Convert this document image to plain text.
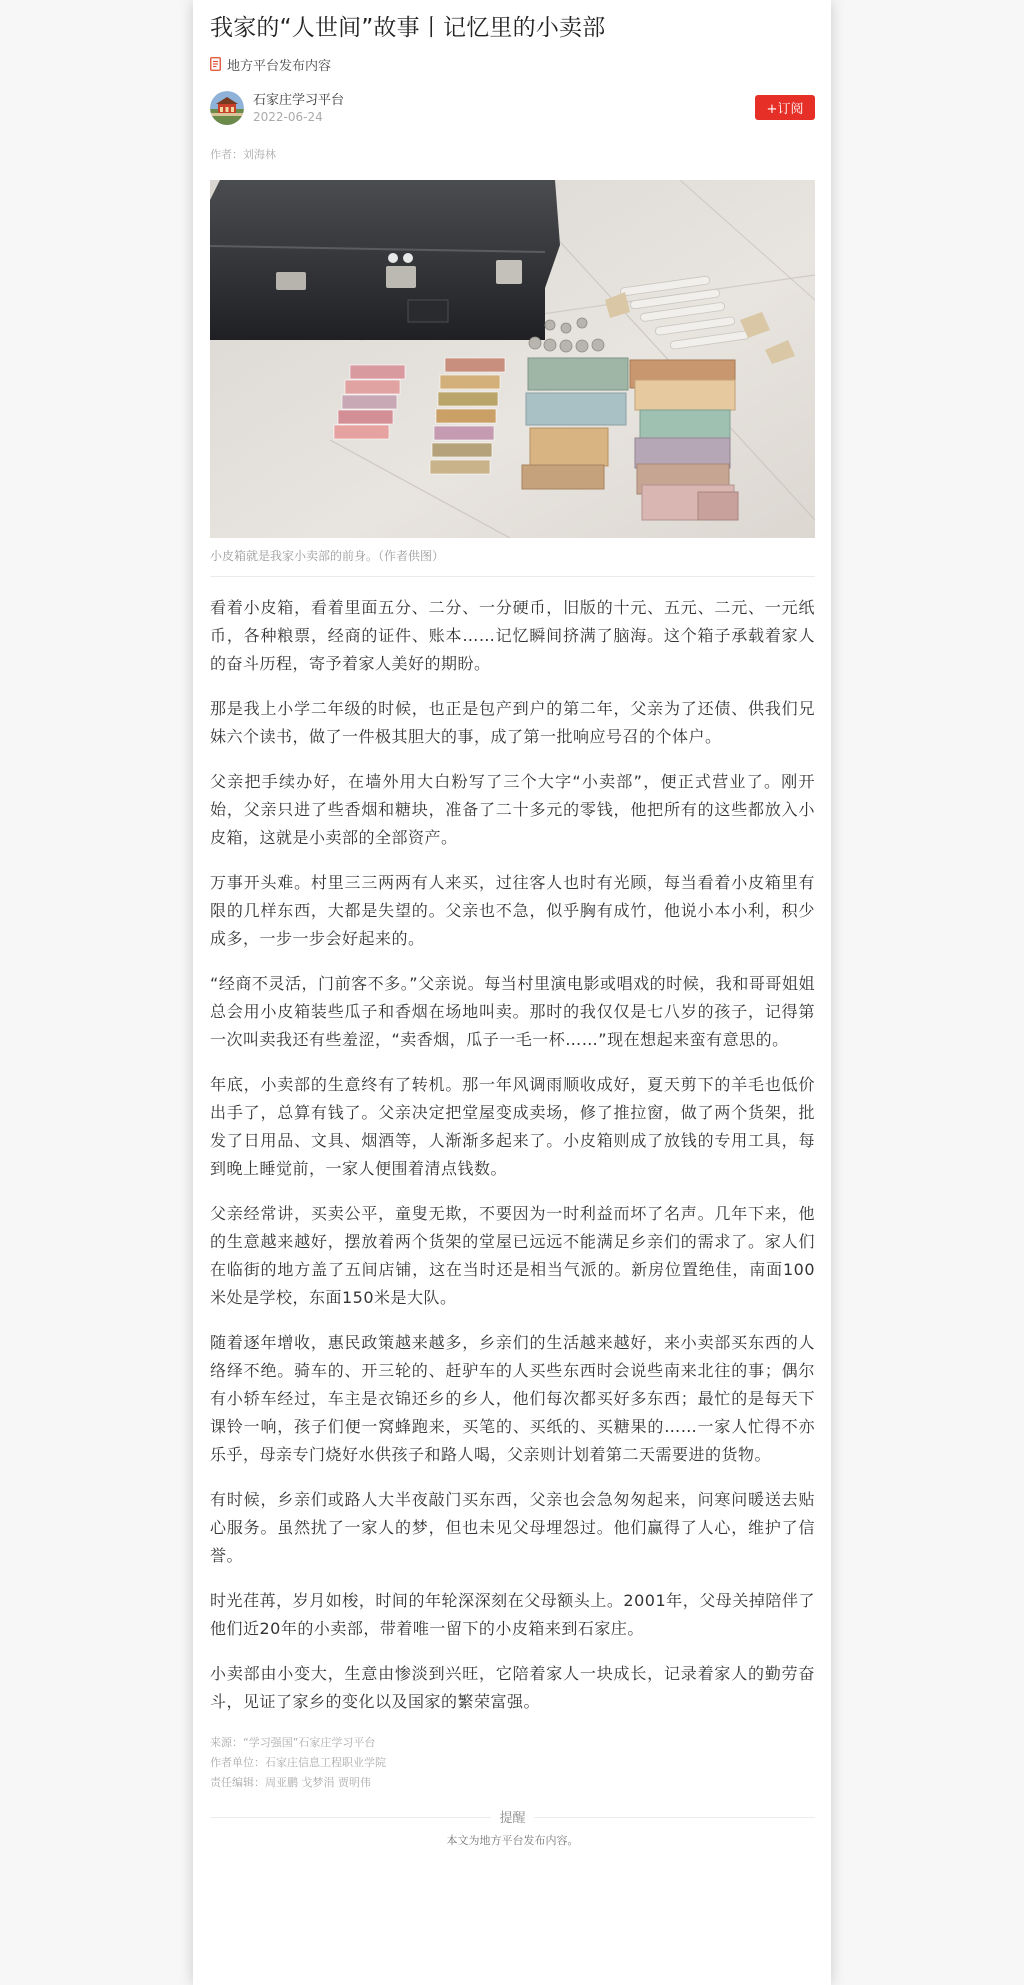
我家的“人世间”故事丨记忆里的小卖部
地方平台发布内容
石家庄学习平台
2022-06-24	+订阅
作者：刘海林
小皮箱就是我家小卖部的前身。（作者供图）

看着小皮箱，看着里面五分、二分、一分硬币，旧版的十元、五元、二元、一元纸币，各种粮票，经商的证件、账本……记忆瞬间挤满了脑海。这个箱子承载着家人的奋斗历程，寄予着家人美好的期盼。

那是我上小学二年级的时候，也正是包产到户的第二年，父亲为了还债、供我们兄妹六个读书，做了一件极其胆大的事，成了第一批响应号召的个体户。

父亲把手续办好，在墙外用大白粉写了三个大字“小卖部”，便正式营业了。刚开始，父亲只进了些香烟和糖块，准备了二十多元的零钱，他把所有的这些都放入小皮箱，这就是小卖部的全部资产。

万事开头难。村里三三两两有人来买，过往客人也时有光顾，每当看着小皮箱里有限的几样东西，大都是失望的。父亲也不急，似乎胸有成竹，他说小本小利，积少成多，一步一步会好起来的。

“经商不灵活，门前客不多。”父亲说。每当村里演电影或唱戏的时候，我和哥哥姐姐总会用小皮箱装些瓜子和香烟在场地叫卖。那时的我仅仅是七八岁的孩子，记得第一次叫卖我还有些羞涩，“卖香烟，瓜子一毛一杯……”现在想起来蛮有意思的。

年底，小卖部的生意终有了转机。那一年风调雨顺收成好，夏天剪下的羊毛也低价出手了，总算有钱了。父亲决定把堂屋变成卖场，修了推拉窗，做了两个货架，批发了日用品、文具、烟酒等，人渐渐多起来了。小皮箱则成了放钱的专用工具，每到晚上睡觉前，一家人便围着清点钱数。

父亲经常讲，买卖公平，童叟无欺，不要因为一时利益而坏了名声。几年下来，他的生意越来越好，摆放着两个货架的堂屋已远远不能满足乡亲们的需求了。家人们在临街的地方盖了五间店铺，这在当时还是相当气派的。新房位置绝佳，南面100米处是学校，东面150米是大队。

随着逐年增收，惠民政策越来越多，乡亲们的生活越来越好，来小卖部买东西的人络绎不绝。骑车的、开三轮的、赶驴车的人买些东西时会说些南来北往的事；偶尔有小轿车经过，车主是衣锦还乡的乡人，他们每次都买好多东西；最忙的是每天下课铃一响，孩子们便一窝蜂跑来，买笔的、买纸的、买糖果的……一家人忙得不亦乐乎，母亲专门烧好水供孩子和路人喝，父亲则计划着第二天需要进的货物。

有时候，乡亲们或路人大半夜敲门买东西，父亲也会急匆匆起来，问寒问暖送去贴心服务。虽然扰了一家人的梦，但也未见父母埋怨过。他们赢得了人心，维护了信誉。

时光荏苒，岁月如梭，时间的年轮深深刻在父母额头上。2001年，父母关掉陪伴了他们近20年的小卖部，带着唯一留下的小皮箱来到石家庄。

小卖部由小变大，生意由惨淡到兴旺，它陪着家人一块成长，记录着家人的勤劳奋斗，见证了家乡的变化以及国家的繁荣富强。

来源：“学习强国”石家庄学习平台
作者单位：石家庄信息工程职业学院
责任编辑：周亚鹏 戈梦涓 贾明伟
提醒
本文为地方平台发布内容。
